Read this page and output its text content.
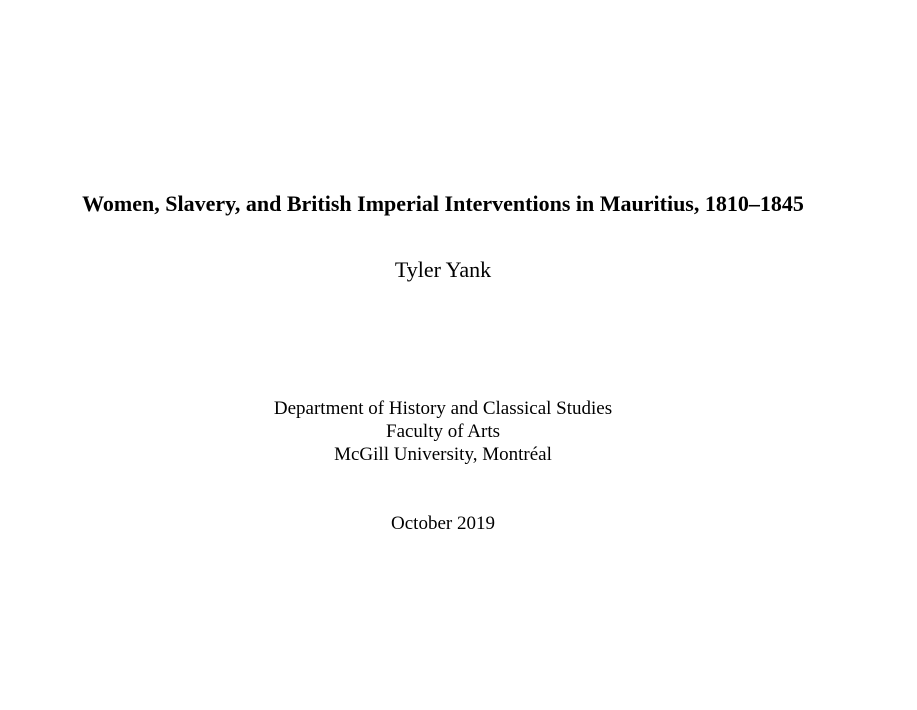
Women, Slavery, and British Imperial Interventions in Mauritius, 1810–1845
Tyler Yank
Department of History and Classical Studies
Faculty of Arts
McGill University, Montréal
October 2019
